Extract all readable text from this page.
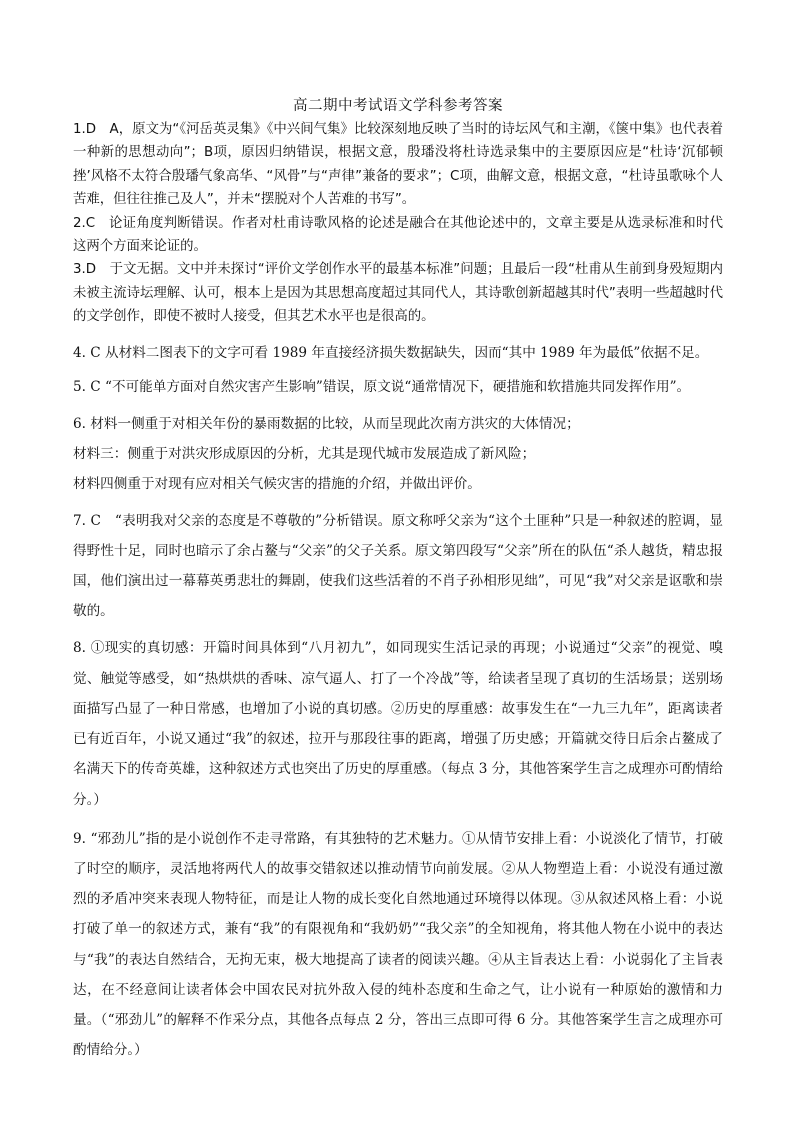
高二期中考试语文学科参考答案

1.D　A，原文为“《河岳英灵集》《中兴间气集》比较深刻地反映了当时的诗坛风气和主潮，《箧中集》也代表着一种新的思想动向”；B项，原因归纳错误，根据文意，殷璠没将杜诗选录集中的主要原因应是“杜诗‘沉郁顿挫’风格不太符合殷璠气象高华、“风骨”与“声律”兼备的要求”；C项，曲解文意，根据文意，“杜诗虽歌咏个人苦难，但往往推己及人”，并未“摆脱对个人苦难的书写”。

2.C　论证角度判断错误。作者对杜甫诗歌风格的论述是融合在其他论述中的，文章主要是从选录标准和时代这两个方面来论证的。

3.D　于文无据。文中并未探讨“评价文学创作水平的最基本标准”问题；且最后一段“杜甫从生前到身殁短期内未被主流诗坛理解、认可，根本上是因为其思想高度超过其同代人，其诗歌创新超越其时代”表明一些超越时代的文学创作，即使不被时人接受，但其艺术水平也是很高的。

4. C 从材料二图表下的文字可看 1989 年直接经济损失数据缺失，因而“其中 1989 年为最低”依据不足。

5. C “不可能单方面对自然灾害产生影响”错误，原文说“通常情况下，硬措施和软措施共同发挥作用”。

6. 材料一侧重于对相关年份的暴雨数据的比较，从而呈现此次南方洪灾的大体情况；

材料三：侧重于对洪灾形成原因的分析，尤其是现代城市发展造成了新风险；

材料四侧重于对现有应对相关气候灾害的措施的介绍，并做出评价。

7. C　“表明我对父亲的态度是不尊敬的”分析错误。原文称呼父亲为“这个土匪种”只是一种叙述的腔调，显得野性十足，同时也暗示了余占鳌与“父亲”的父子关系。原文第四段写“父亲”所在的队伍“杀人越货，精忠报国，他们演出过一幕幕英勇悲壮的舞剧，使我们这些活着的不肖子孙相形见绌”，可见“我”对父亲是讴歌和崇敬的。

8. ①现实的真切感：开篇时间具体到“八月初九”，如同现实生活记录的再现；小说通过“父亲”的视觉、嗅觉、触觉等感受，如“热烘烘的香味、凉气逼人、打了一个冷战”等，给读者呈现了真切的生活场景；送别场面描写凸显了一种日常感，也增加了小说的真切感。②历史的厚重感：故事发生在“一九三九年”，距离读者已有近百年，小说又通过“我”的叙述，拉开与那段往事的距离，增强了历史感；开篇就交待日后余占鳌成了名满天下的传奇英雄，这种叙述方式也突出了历史的厚重感。（每点 3 分，其他答案学生言之成理亦可酌情给分。）

9. “邪劲儿”指的是小说创作不走寻常路，有其独特的艺术魅力。①从情节安排上看：小说淡化了情节，打破了时空的顺序，灵活地将两代人的故事交错叙述以推动情节向前发展。②从人物塑造上看：小说没有通过激烈的矛盾冲突来表现人物特征，而是让人物的成长变化自然地通过环境得以体现。③从叙述风格上看：小说打破了单一的叙述方式，兼有“我”的有限视角和“我奶奶”“我父亲”的全知视角，将其他人物在小说中的表达与“我”的表达自然结合，无拘无束，极大地提高了读者的阅读兴趣。④从主旨表达上看：小说弱化了主旨表达，在不经意间让读者体会中国农民对抗外敌入侵的纯朴态度和生命之气，让小说有一种原始的激情和力量。（“邪劲儿”的解释不作采分点，其他各点每点 2 分，答出三点即可得 6 分。其他答案学生言之成理亦可酌情给分。）
